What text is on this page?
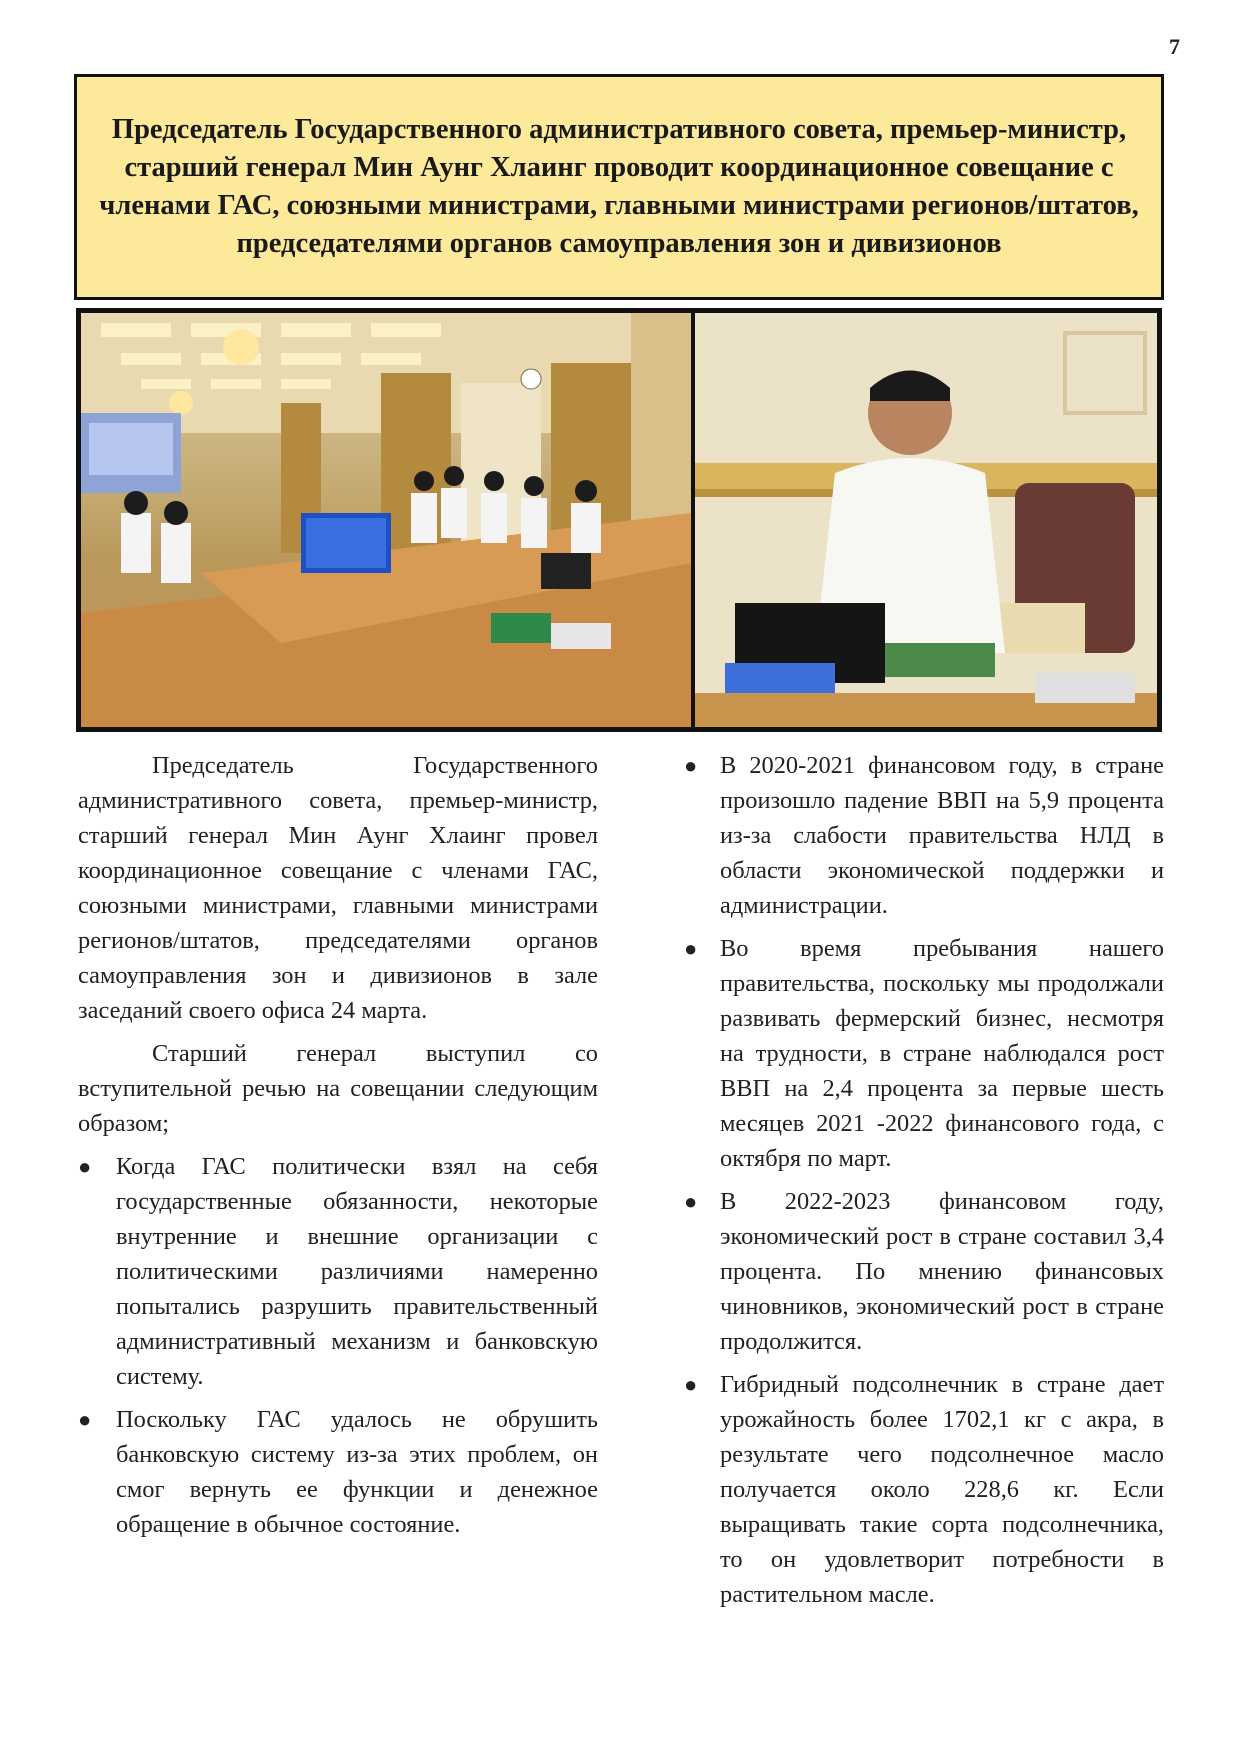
7
Председатель Государственного административного совета, премьер-министр, старший генерал Мин Аунг Хлаинг проводит координационное совещание с членами ГАС, союзными министрами, главными министрами регионов/штатов, председателями органов самоуправления зон и дивизионов

Председатель Государственного административного совета, премьер-министр, старший генерал Мин Аунг Хлаинг провел координационное совещание с членами ГАС, союзными министрами, главными министрами регионов/штатов, председателями органов самоуправления зон и дивизионов в зале заседаний своего офиса 24 марта.

Старший генерал выступил со вступительной речью на совещании следующим образом;

● Когда ГАС политически взял на себя государственные обязанности, некоторые внутренние и внешние организации с политическими различиями намеренно попытались разрушить правительственный административный механизм и банковскую систему.
● Поскольку ГАС удалось не обрушить банковскую систему из-за этих проблем, он смог вернуть ее функции и денежное обращение в обычное состояние.
● В 2020-2021 финансовом году, в стране произошло падение ВВП на 5,9 процента из-за слабости правительства НЛД в области экономической поддержки и администрации.
● Во время пребывания нашего правительства, поскольку мы продолжали развивать фермерский бизнес, несмотря на трудности, в стране наблюдался рост ВВП на 2,4 процента за первые шесть месяцев 2021 -2022 финансового года, с октября по март.
● В 2022-2023 финансовом году, экономический рост в стране составил 3,4 процента. По мнению финансовых чиновников, экономический рост в стране продолжится.
● Гибридный подсолнечник в стране дает урожайность более 1702,1 кг с акра, в результате чего подсолнечное масло получается около 228,6 кг. Если выращивать такие сорта подсолнечника, то он удовлетворит потребности в растительном масле.
